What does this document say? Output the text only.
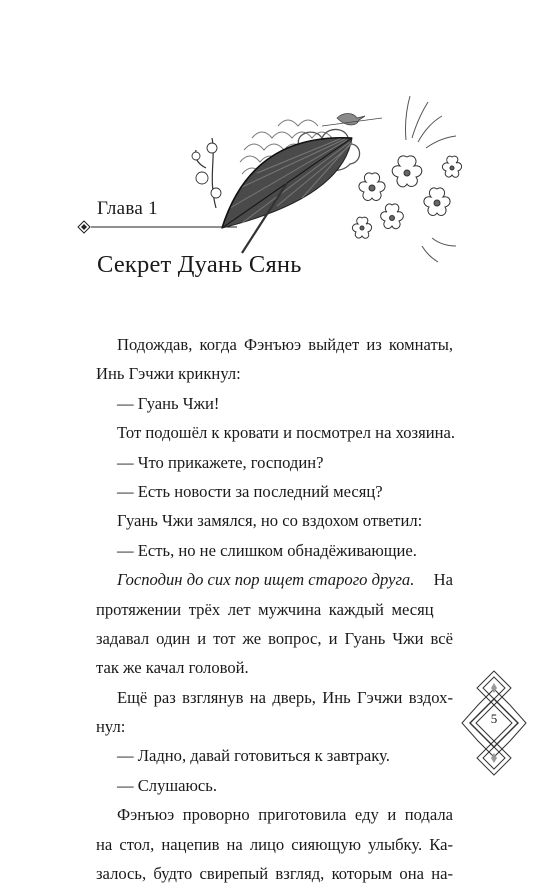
Глава 1
Секрет Дуань Сянь
Подождав, когда Фэнъюэ выйдет из комнаты,
Инь Гэчжи крикнул:
— Гуань Чжи!
Тот подошёл к кровати и посмотрел на хозяина.
— Что прикажете, господин?
— Есть новости за последний месяц?
Гуань Чжи замялся, но со вздохом ответил:
— Есть, но не слишком обнадёживающие.
Господин до сих пор ищет старого друга. На
протяжении трёх лет мужчина каждый месяц
задавал один и тот же вопрос, и Гуань Чжи всё
так же качал головой.
Ещё раз взглянув на дверь, Инь Гэчжи вздох-
нул:
— Ладно, давай готовиться к завтраку.
— Слушаюсь.
Фэнъюэ проворно приготовила еду и подала
на стол, нацепив на лицо сияющую улыбку. Ка-
залось, будто свирепый взгляд, которым она на-
5
